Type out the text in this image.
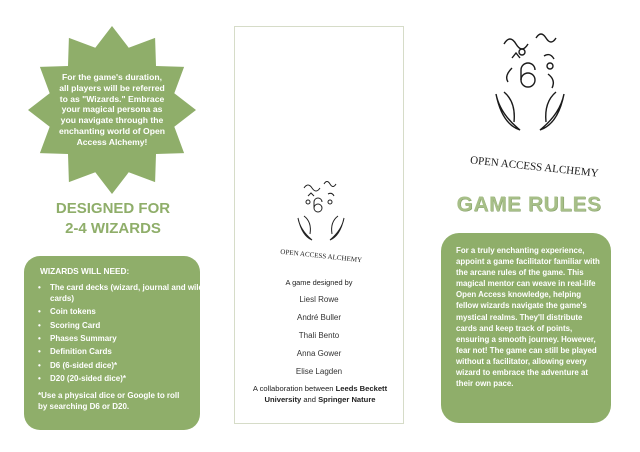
For the game's duration,
all players will be referred
to as "Wizards." Embrace
your magical persona as
you navigate through the
enchanting world of Open
Access Alchemy!
DESIGNED FOR
2-4 WIZARDS
WIZARDS WILL NEED:
• The card decks (wizard, journal and wild cards)
• Coin tokens
• Scoring Card
• Phases Summary
• Definition Cards
• D6 (6-sided dice)*
• D20 (20-sided dice)*
*Use a physical dice or Google to roll by searching D6 or D20.
OPEN ACCESS ALCHEMY
A game designed by
Liesl Rowe
André Buller
Thali Bento
Anna Gower
Elise Lagden
A collaboration between Leeds Beckett University and Springer Nature
OPEN ACCESS ALCHEMY
GAME RULES
For a truly enchanting experience, appoint a game facilitator familiar with the arcane rules of the game. This magical mentor can weave in real-life Open Access knowledge, helping fellow wizards navigate the game's mystical realms. They'll distribute cards and keep track of points, ensuring a smooth journey. However, fear not! The game can still be played without a facilitator, allowing every wizard to embrace the adventure at their own pace.
